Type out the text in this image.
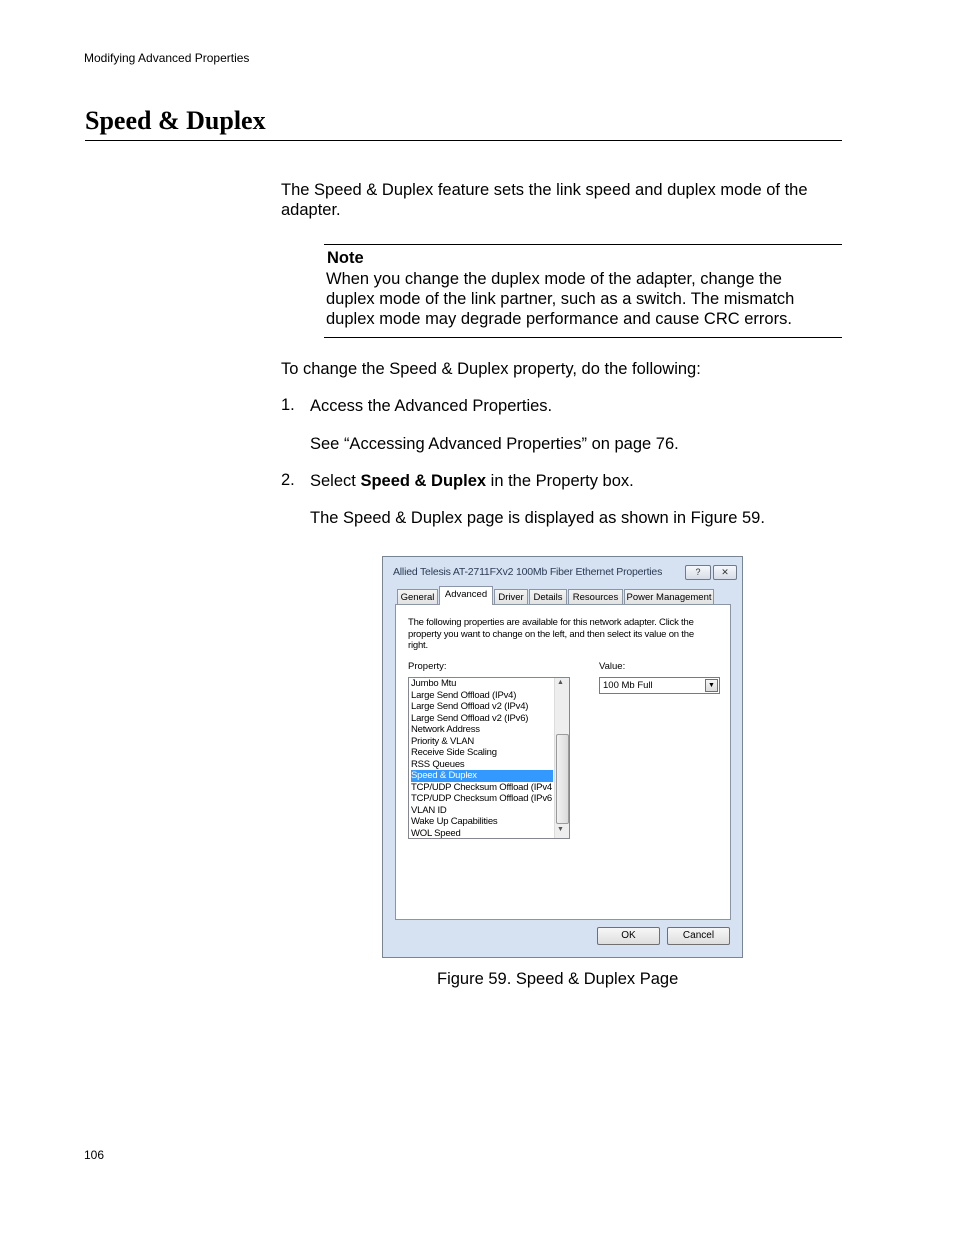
Modifying Advanced Properties
Speed & Duplex
The Speed & Duplex feature sets the link speed and duplex mode of the
adapter.
Note
When you change the duplex mode of the adapter, change the duplex mode of the link partner, such as a switch. The mismatch duplex mode may degrade performance and cause CRC errors.
To change the Speed & Duplex property, do the following:
1. Access the Advanced Properties.
See “Accessing Advanced Properties” on page 76.
2. Select Speed & Duplex in the Property box.
The Speed & Duplex page is displayed as shown in Figure 59.
Allied Telesis AT-2711FXv2 100Mb Fiber Ethernet Properties	?	✕
General	Advanced	Driver	Details	Resources Power Management
The following properties are available for this network adapter. Click the property you want to change on the left, and then select its value on the right.
Property:	Value:
Jumbo Mtu
Large Send Offload (IPv4)
Large Send Offload v2 (IPv4)
Large Send Offload v2 (IPv6)
Network Address
Priority & VLAN
Receive Side Scaling
RSS Queues
Speed & Duplex
TCP/UDP Checksum Offload (IPv4
TCP/UDP Checksum Offload (IPv6
VLAN ID
Wake Up Capabilities
WOL Speed
▲
▼
100 Mb Full	▼
OK	Cancel
Figure 59. Speed & Duplex Page
106
